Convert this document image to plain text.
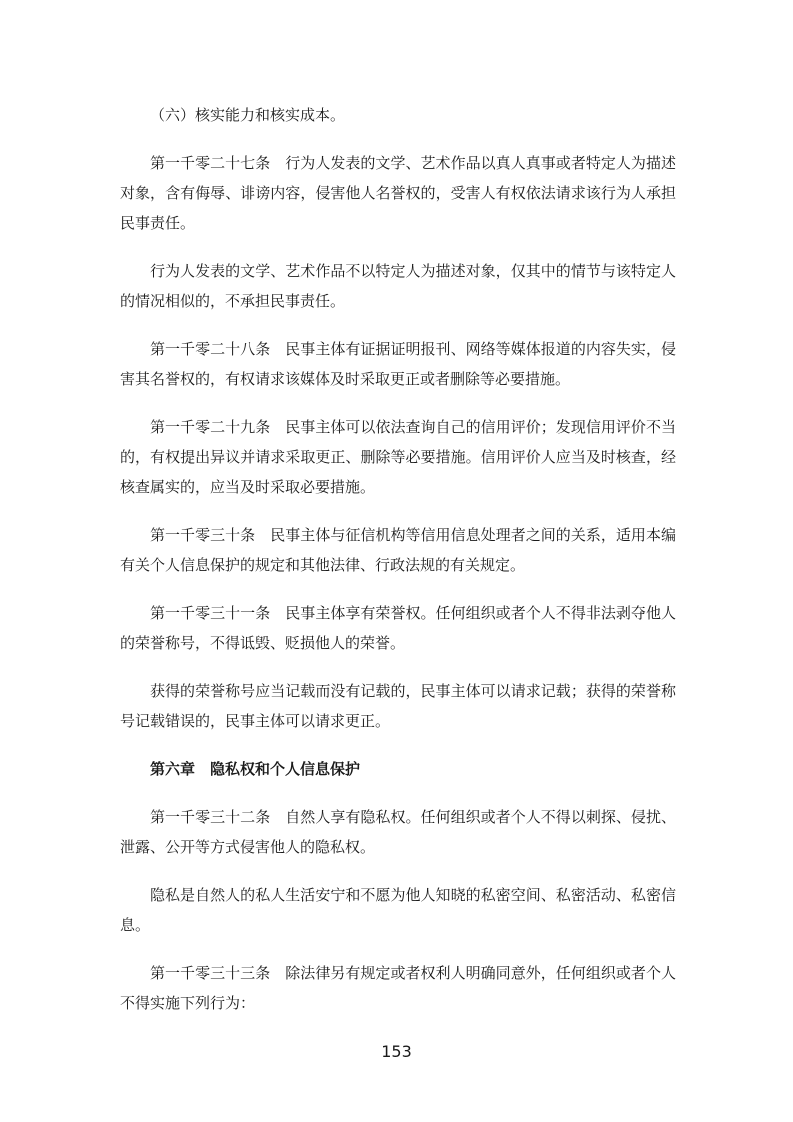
（六）核实能力和核实成本。

第一千零二十七条　行为人发表的文学、艺术作品以真人真事或者特定人为描述对象，含有侮辱、诽谤内容，侵害他人名誉权的，受害人有权依法请求该行为人承担民事责任。

行为人发表的文学、艺术作品不以特定人为描述对象，仅其中的情节与该特定人的情况相似的，不承担民事责任。

第一千零二十八条　民事主体有证据证明报刊、网络等媒体报道的内容失实，侵害其名誉权的，有权请求该媒体及时采取更正或者删除等必要措施。

第一千零二十九条　民事主体可以依法查询自己的信用评价；发现信用评价不当的，有权提出异议并请求采取更正、删除等必要措施。信用评价人应当及时核查，经核查属实的，应当及时采取必要措施。

第一千零三十条　民事主体与征信机构等信用信息处理者之间的关系，适用本编有关个人信息保护的规定和其他法律、行政法规的有关规定。

第一千零三十一条　民事主体享有荣誉权。任何组织或者个人不得非法剥夺他人的荣誉称号，不得诋毁、贬损他人的荣誉。

获得的荣誉称号应当记载而没有记载的，民事主体可以请求记载；获得的荣誉称号记载错误的，民事主体可以请求更正。

第六章　隐私权和个人信息保护

第一千零三十二条　自然人享有隐私权。任何组织或者个人不得以刺探、侵扰、泄露、公开等方式侵害他人的隐私权。

隐私是自然人的私人生活安宁和不愿为他人知晓的私密空间、私密活动、私密信息。

第一千零三十三条　除法律另有规定或者权利人明确同意外，任何组织或者个人不得实施下列行为：

153
